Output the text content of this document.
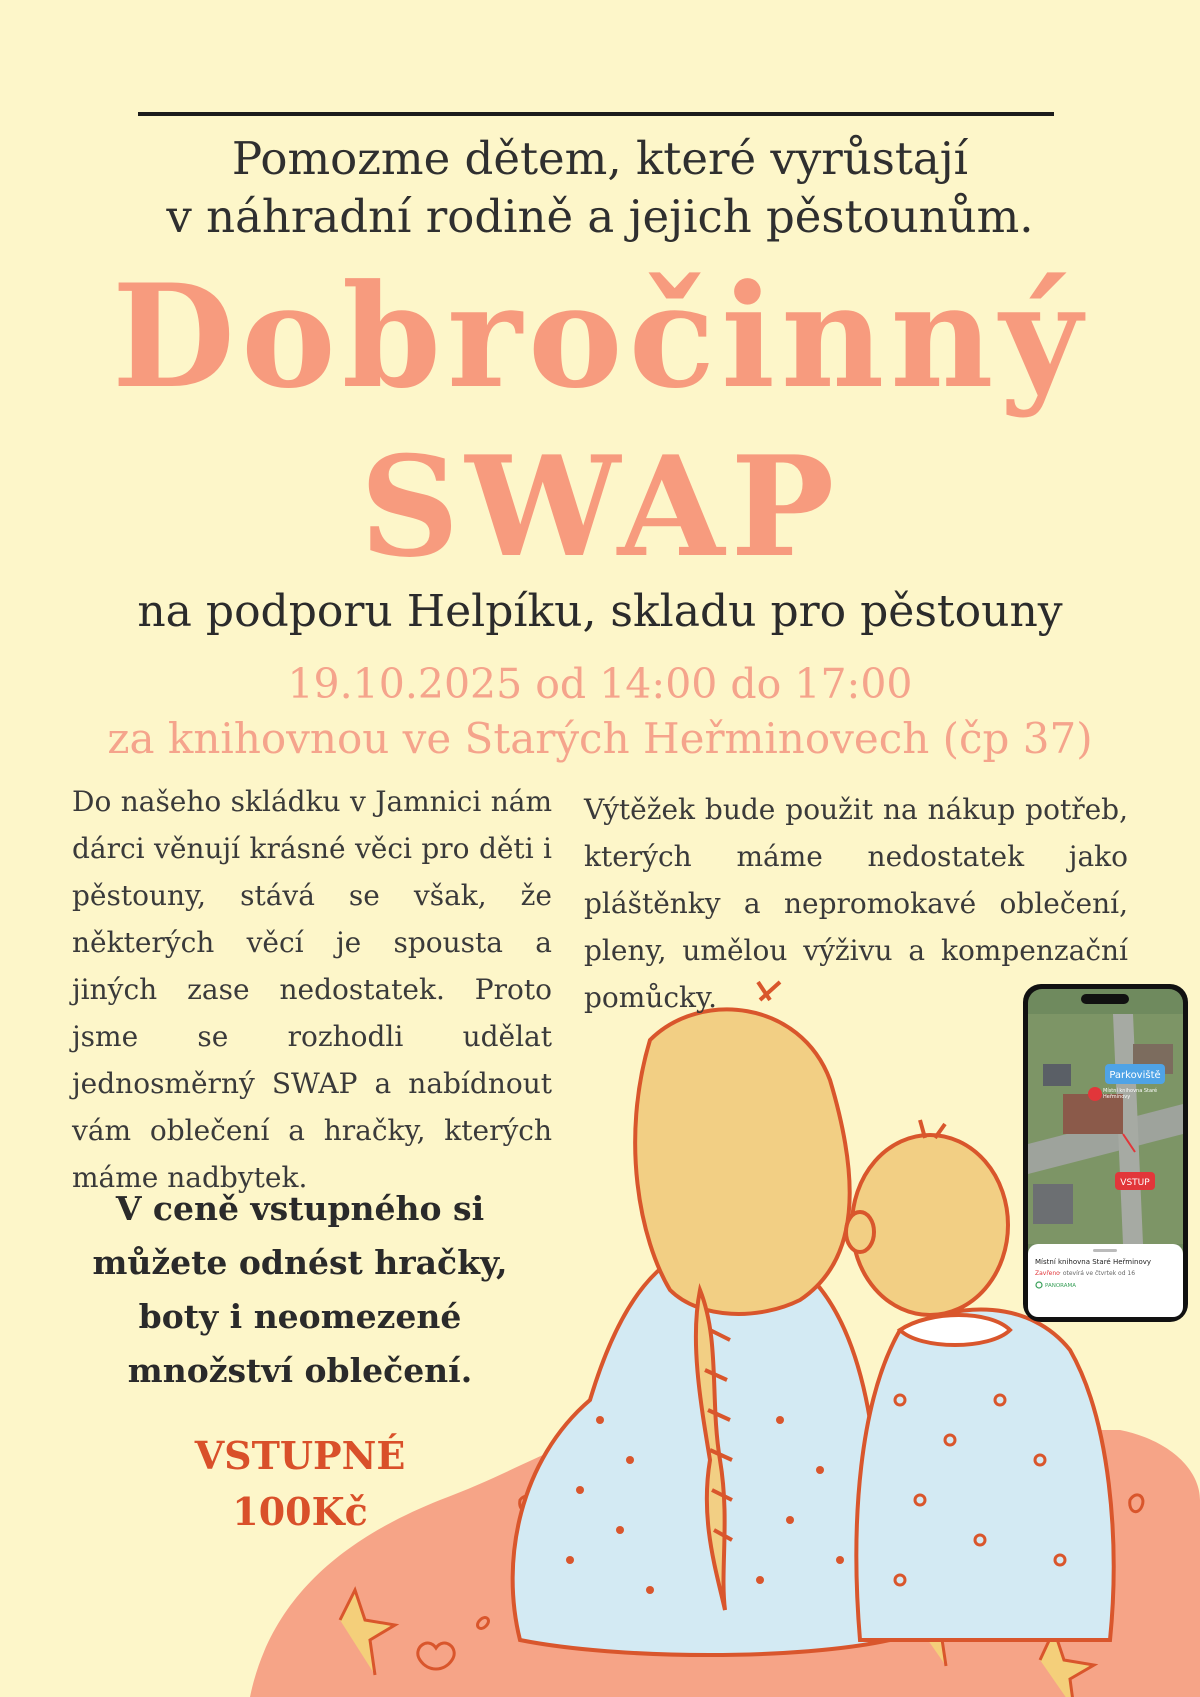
Pomozme dětem, které vyrůstají
v náhradní rodině a jejich pěstounům.
Dobročinný
SWAP
na podporu Helpíku, skladu pro pěstouny
19.10.2025 od 14:00 do 17:00
za knihovnou ve Starých Heřminovech (čp 37)
Do našeho skládku v Jamnici nám dárci věnují krásné věci pro děti i pěstouny, stává se však, že některých věcí je spousta a jiných zase nedostatek. Proto jsme se rozhodli udělat jednosměrný SWAP a nabídnout vám oblečení a hračky, kterých máme nadbytek.
Výtěžek bude použit na nákup potřeb, kterých máme nedostatek jako pláštěnky a nepromokavé oblečení, pleny, umělou výživu a kompenzační pomůcky.
V ceně vstupného si
můžete odnést hračky,
boty i neomezené
množství oblečení.
VSTUPNÉ
100Kč
Parkoviště
Místní knihovna Staré
Heřminovy
VSTUP
Místní knihovna Staré Heřminovy
Zavřeno · otevírá ve čtvrtek od 16
PANORAMA
